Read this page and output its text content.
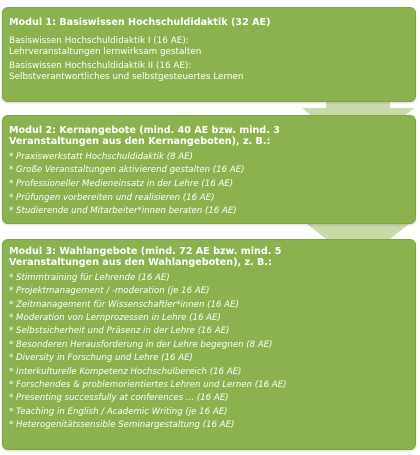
Modul 1: Basiswissen Hochschuldidaktik (32 AE)

Basiswissen Hochschuldidaktik I (16 AE):

Lehrveranstaltungen lernwirksam gestalten

Basiswissen Hochschuldidaktik II (16 AE):

Selbstverantwortliches und selbstgesteuertes Lernen

Modul 2: Kernangebote (mind. 40 AE bzw. mind. 3

Veranstaltungen aus den Kernangeboten), z. B.:

* Praxiswerkstatt Hochschuldidaktik (8 AE)
* Große Veranstaltungen aktivierend gestalten (16 AE)
* Professioneller Medieneinsatz in der Lehre (16 AE)
* Prüfungen vorbereiten und realisieren (16 AE)
* Studierende und Mitarbeiter*innen beraten (16 AE)

Modul 3: Wahlangebote (mind. 72 AE bzw. mind. 5

Veranstaltungen aus den Wahlangeboten), z. B.:

* Stimmtraining für Lehrende (16 AE)
* Projektmanagement / -moderation (je 16 AE)
* Zeitmanagement für Wissenschaftler*innen (16 AE)
* Moderation von Lernprozessen in Lehre (16 AE)
* Selbstsicherheit und Präsenz in der Lehre (16 AE)
* Besonderen Herausforderung in der Lehre begegnen (8 AE)
* Diversity in Forschung und Lehre (16 AE)
* Interkulturelle Kompetenz Hochschulbereich (16 AE)
* Forschendes & problemorientiertes Lehren und Lernen (16 AE)
* Presenting successfully at conferences ... (16 AE)
* Teaching in English / Academic Writing (je 16 AE)
* Heterogenitätssensible Seminargestaltung (16 AE)
